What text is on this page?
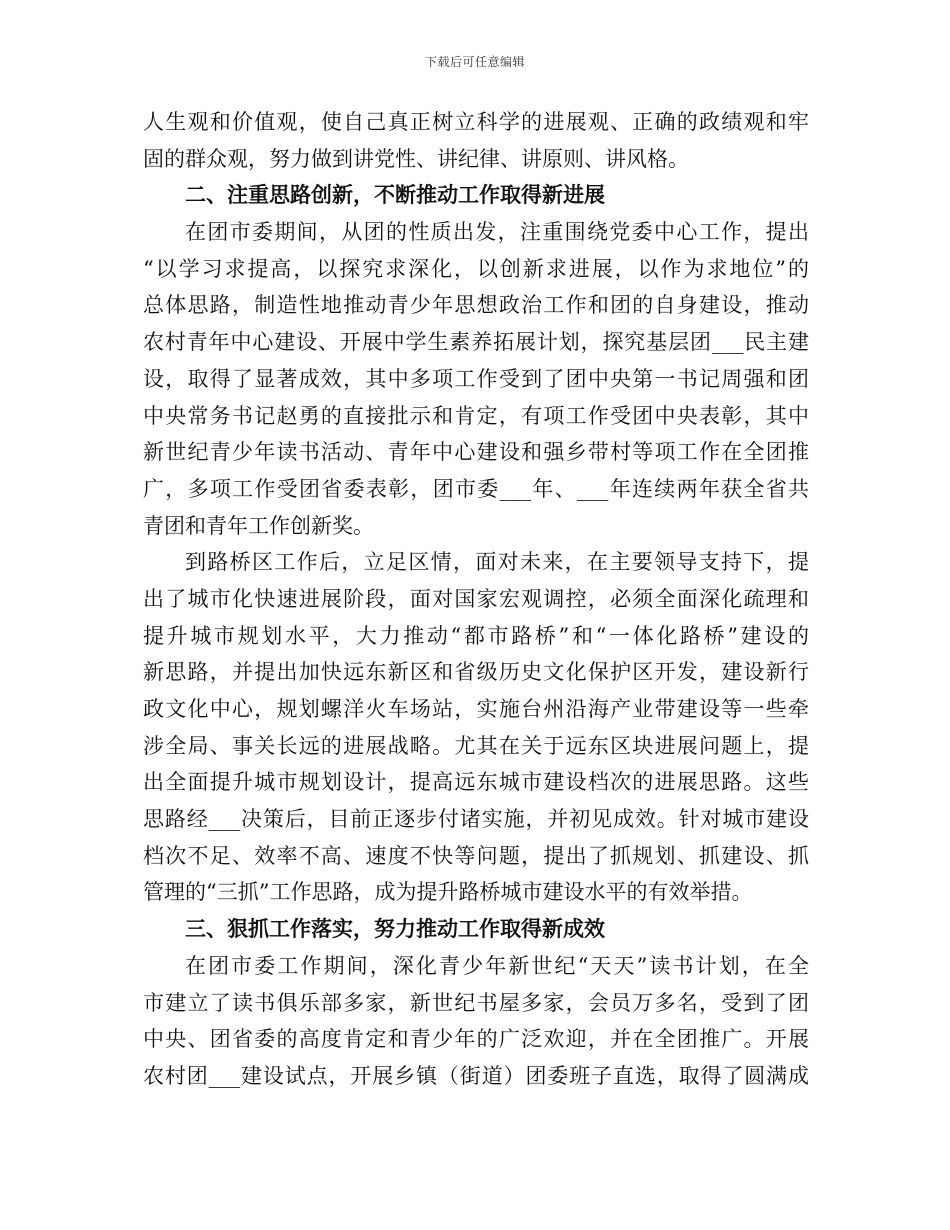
下载后可任意编辑
人生观和价值观，使自己真正树立科学的进展观、正确的政绩观和牢
固的群众观，努力做到讲党性、讲纪律、讲原则、讲风格。
二、注重思路创新，不断推动工作取得新进展
在团市委期间，从团的性质出发，注重围绕党委中心工作，提出
“以学习求提高，以探究求深化，以创新求进展，以作为求地位”的
总体思路，制造性地推动青少年思想政治工作和团的自身建设，推动
农村青年中心建设、开展中学生素养拓展计划，探究基层团___民主建
设，取得了显著成效，其中多项工作受到了团中央第一书记周强和团
中央常务书记赵勇的直接批示和肯定，有项工作受团中央表彰，其中
新世纪青少年读书活动、青年中心建设和强乡带村等项工作在全团推
广，多项工作受团省委表彰，团市委___年、___年连续两年获全省共
青团和青年工作创新奖。
到路桥区工作后，立足区情，面对未来，在主要领导支持下，提
出了城市化快速进展阶段，面对国家宏观调控，必须全面深化疏理和
提升城市规划水平，大力推动“都市路桥”和“一体化路桥”建设的
新思路，并提出加快远东新区和省级历史文化保护区开发，建设新行
政文化中心，规划螺洋火车场站，实施台州沿海产业带建设等一些牵
涉全局、事关长远的进展战略。尤其在关于远东区块进展问题上，提
出全面提升城市规划设计，提高远东城市建设档次的进展思路。这些
思路经___决策后，目前正逐步付诸实施，并初见成效。针对城市建设
档次不足、效率不高、速度不快等问题，提出了抓规划、抓建设、抓
管理的“三抓”工作思路，成为提升路桥城市建设水平的有效举措。
三、狠抓工作落实，努力推动工作取得新成效
在团市委工作期间，深化青少年新世纪“天天”读书计划，在全
市建立了读书俱乐部多家，新世纪书屋多家，会员万多名，受到了团
中央、团省委的高度肯定和青少年的广泛欢迎，并在全团推广。开展
农村团___建设试点，开展乡镇（街道）团委班子直选，取得了圆满成
